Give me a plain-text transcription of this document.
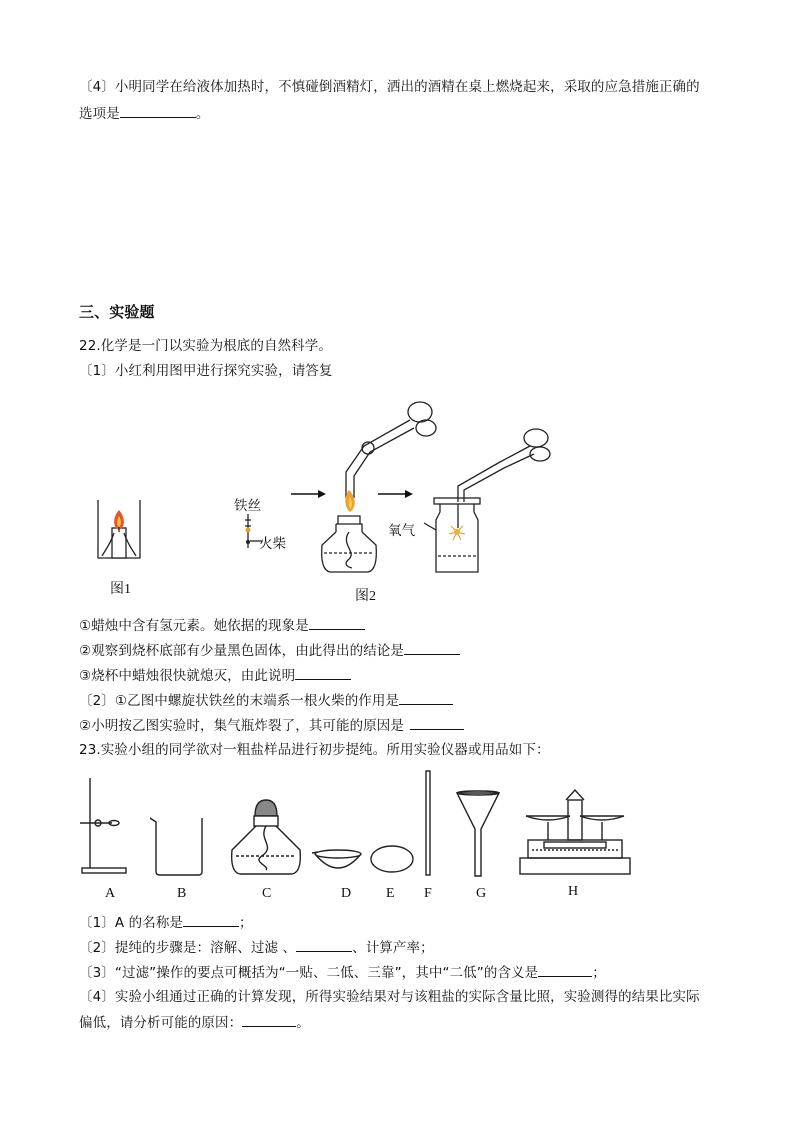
〔4〕小明同学在给液体加热时，不慎碰倒酒精灯，洒出的酒精在桌上燃烧起来，采取的应急措施正确的
选项是	。
三、实验题
22.化学是一门以实验为根底的自然科学。
〔1〕小红利用图甲进行探究实验，请答复
图1
铁丝
火柴
氧气
图2
①蜡烛中含有氢元素。她依据的现象是
②观察到烧杯底部有少量黑色固体，由此得出的结论是
③烧杯中蜡烛很快就熄灭，由此说明
〔2〕①乙图中螺旋状铁丝的末端系一根火柴的作用是
②小明按乙图实验时，集气瓶炸裂了，其可能的原因是
23.实验小组的同学欲对一粗盐样品进行初步提纯。所用实验仪器或用品如下：
A	B	C	D E F	G	H
〔1〕A 的名称是	；
〔2〕提纯的步骤是：溶解、过滤 、	、计算产率；
〔3〕“过滤”操作的要点可概括为“一贴、二低、三靠”，其中“二低”的含义是	；
〔4〕实验小组通过正确的计算发现，所得实验结果对与该粗盐的实际含量比照，实验测得的结果比实际
偏低，请分析可能的原因：	。
